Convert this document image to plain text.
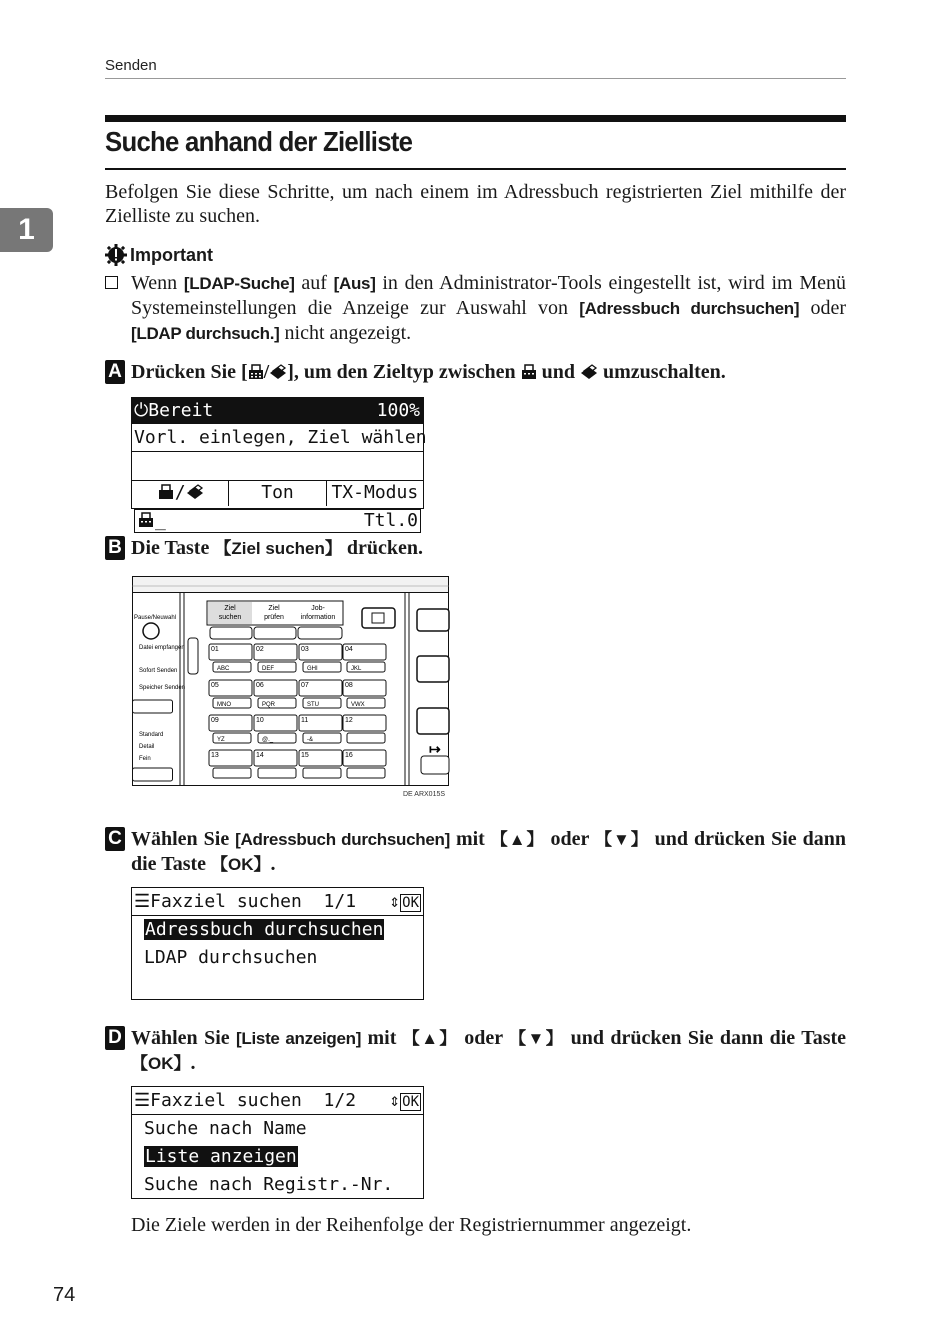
Senden
1
Suche anhand der Zielliste

Befolgen Sie diese Schritte, um nach einem im Adressbuch registrierten Ziel mithilfe der Zielliste zu suchen.

Important

Wenn [LDAP-Suche] auf [Aus] in den Administrator-Tools eingestellt ist, wird im Menü Systemeinstellungen die Anzeige zur Auswahl von [Adressbuch durchsuchen] oder [LDAP durchsuch.] nicht angezeigt.

A Drücken Sie [ / ], um den Zieltyp zwischen  und  umzuschalten.

⏻Bereit	100%
Vorl. einlegen, Ziel wählen

_	Ttl.0

/	Ton	TX-Modus
B Die Taste 【Ziel suchen】 drücken.

Pause/Neuwahl
Datei empfangen
Sofort Senden
Speicher Senden
Standard
Detail
Fein
Ziel
suchen
Ziel
prüfen
Job-
information
01
ABC
02
DEF
03
GHI
04
JKL
05
MNO
06
PQR
07
STU
08
VWX
09
YZ
10
@._
11
-&
12
13	14	15	16	↦
DE ARX015S
C Wählen Sie [Adressbuch durchsuchen] mit 【▲】 oder 【▼】 und drücken Sie dann die Taste 【OK】.

☰Faxziel suchen 1/1 ⇕ OK
Adressbuch durchsuchen
LDAP durchsuchen
D Wählen Sie [Liste anzeigen] mit 【▲】 oder 【▼】 und drücken Sie dann die Taste 【OK】.

☰Faxziel suchen 1/2 ⇕ OK
Suche nach Name
Liste anzeigen
Suche nach Registr.-Nr.

Die Ziele werden in der Reihenfolge der Registriernummer angezeigt.

74
